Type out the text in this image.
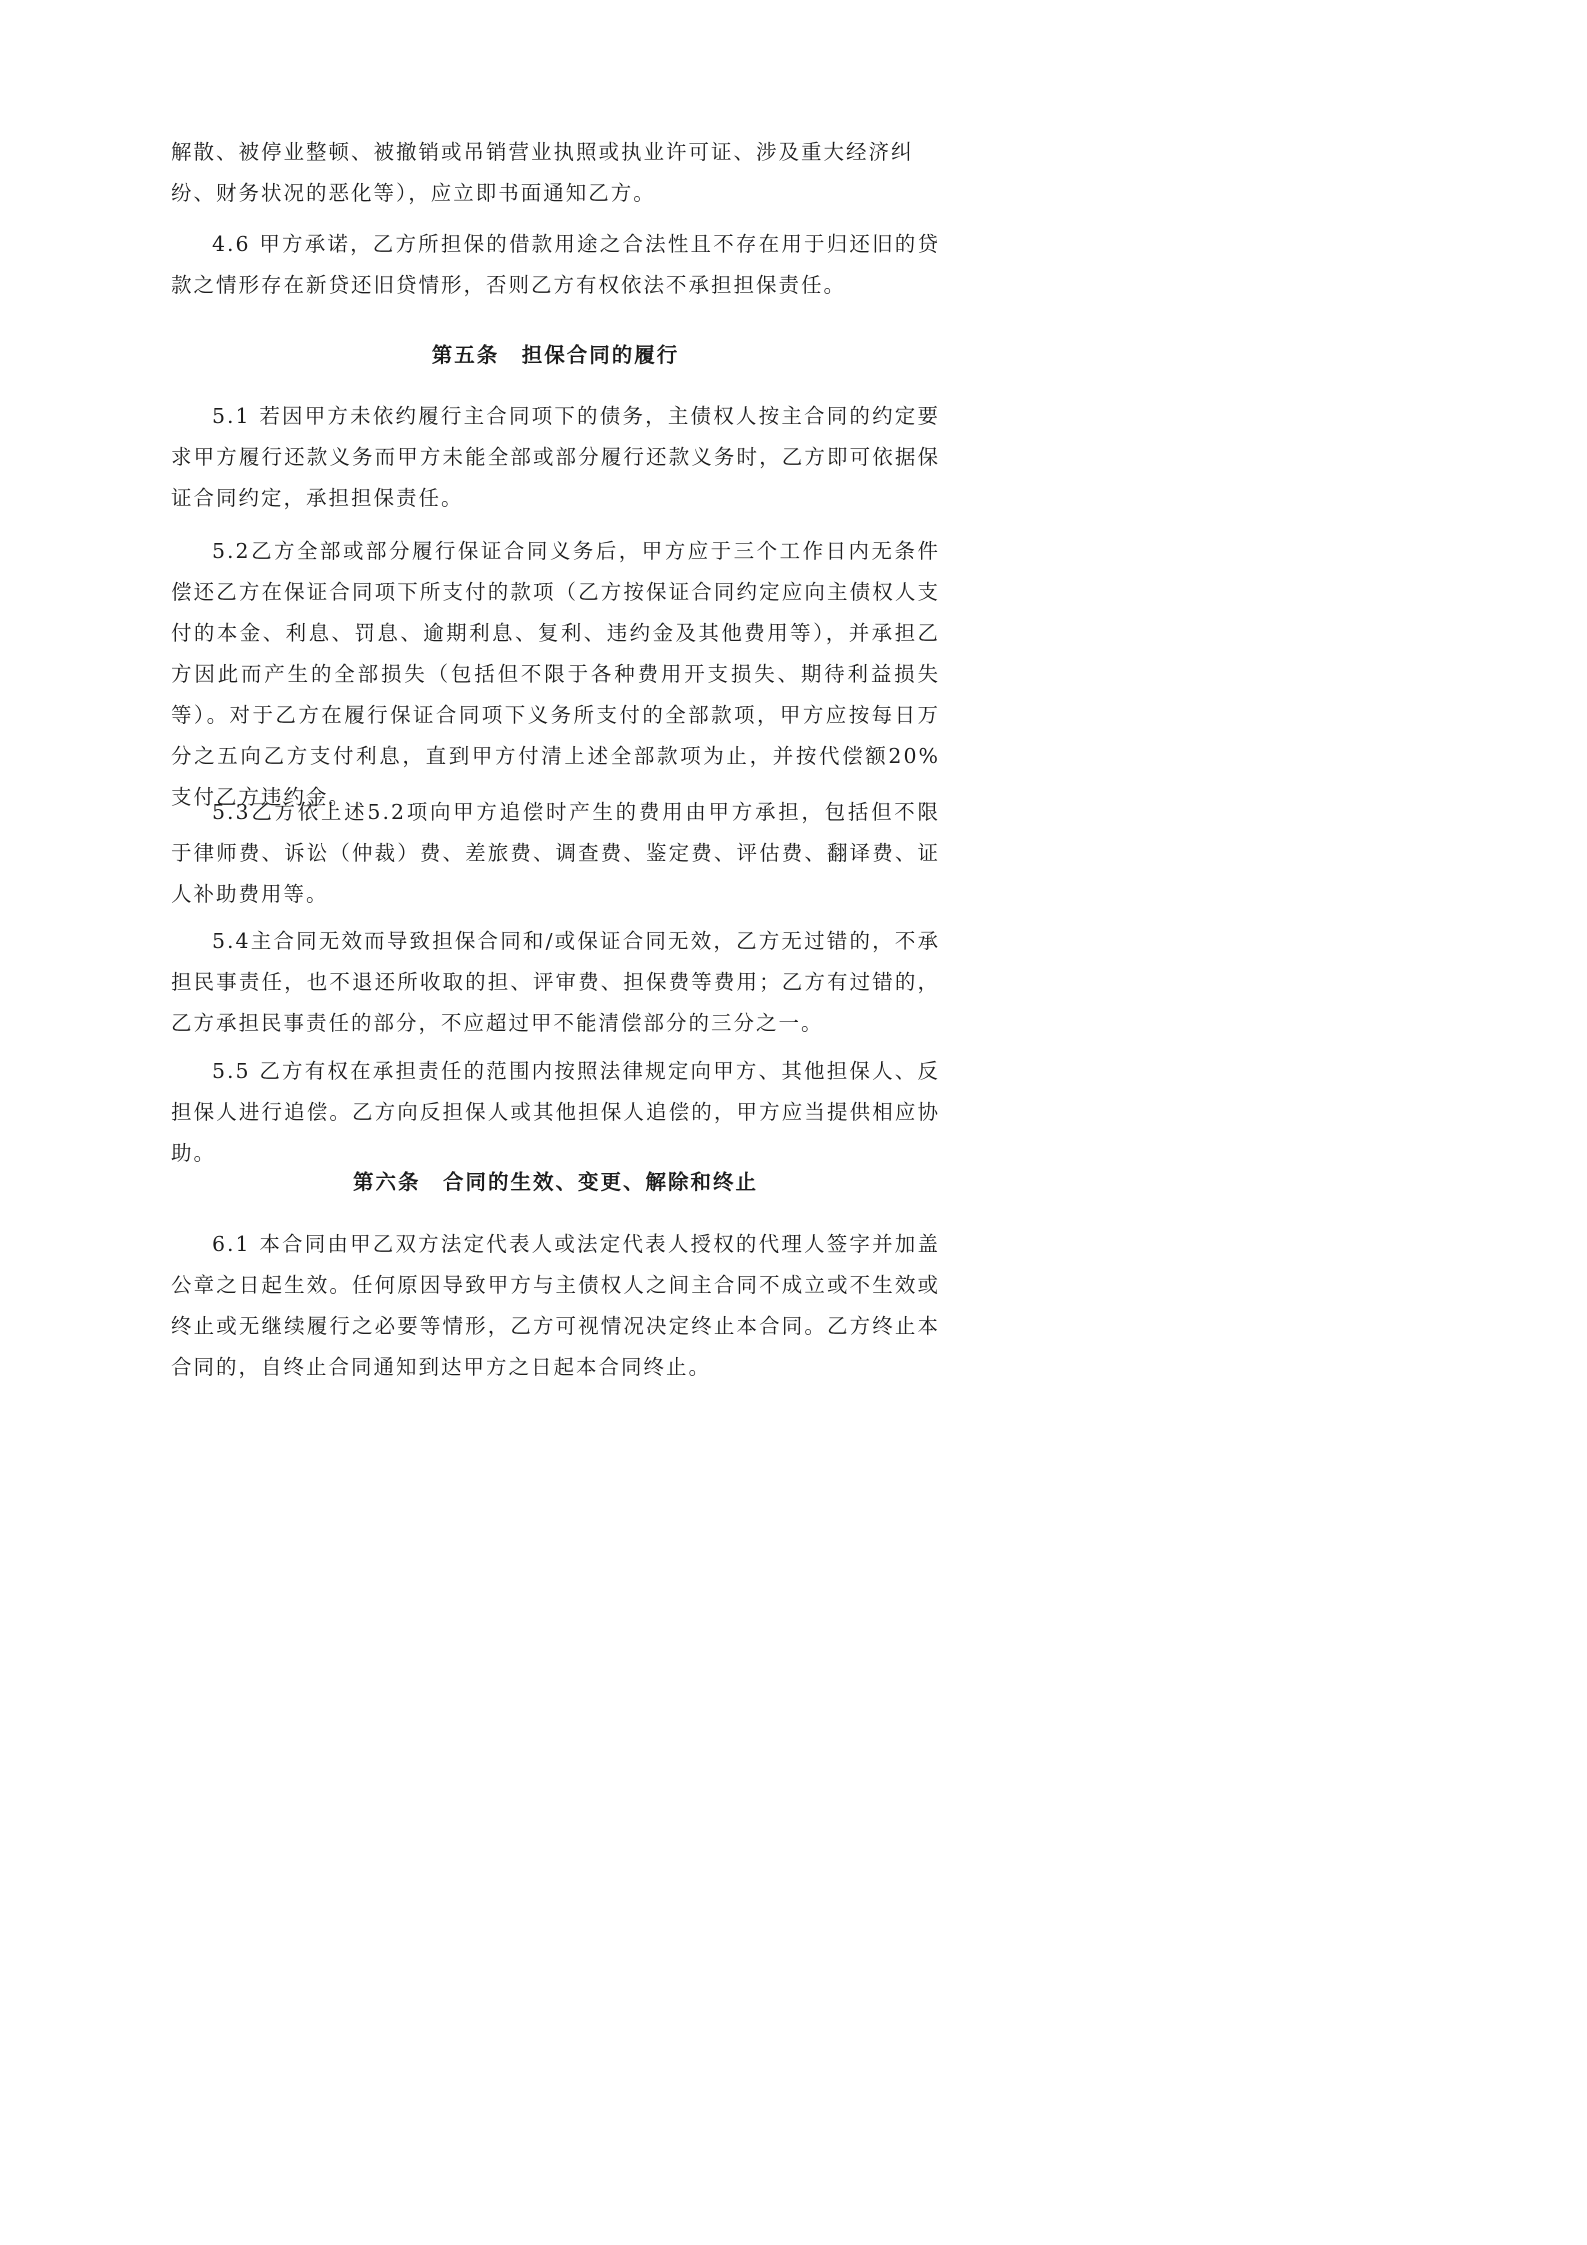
解散、被停业整顿、被撤销或吊销营业执照或执业许可证、涉及重大经济纠纷、财务状况的恶化等），应立即书面通知乙方。

4.6 甲方承诺，乙方所担保的借款用途之合法性且不存在用于归还旧的贷款之情形存在新贷还旧贷情形，否则乙方有权依法不承担担保责任。

第五条　担保合同的履行

5.1 若因甲方未依约履行主合同项下的债务，主债权人按主合同的约定要求甲方履行还款义务而甲方未能全部或部分履行还款义务时，乙方即可依据保证合同约定，承担担保责任。

5.2乙方全部或部分履行保证合同义务后，甲方应于三个工作日内无条件偿还乙方在保证合同项下所支付的款项（乙方按保证合同约定应向主债权人支付的本金、利息、罚息、逾期利息、复利、违约金及其他费用等），并承担乙方因此而产生的全部损失（包括但不限于各种费用开支损失、期待利益损失等）。对于乙方在履行保证合同项下义务所支付的全部款项，甲方应按每日万分之五向乙方支付利息，直到甲方付清上述全部款项为止，并按代偿额20%支付乙方违约金。

5.3乙方依上述5.2项向甲方追偿时产生的费用由甲方承担，包括但不限于律师费、诉讼（仲裁）费、差旅费、调查费、鉴定费、评估费、翻译费、证人补助费用等。

5.4主合同无效而导致担保合同和/或保证合同无效，乙方无过错的，不承担民事责任，也不退还所收取的担、评审费、担保费等费用；乙方有过错的，乙方承担民事责任的部分，不应超过甲不能清偿部分的三分之一。

5.5 乙方有权在承担责任的范围内按照法律规定向甲方、其他担保人、反担保人进行追偿。乙方向反担保人或其他担保人追偿的，甲方应当提供相应协助。

第六条　合同的生效、变更、解除和终止

6.1 本合同由甲乙双方法定代表人或法定代表人授权的代理人签字并加盖公章之日起生效。任何原因导致甲方与主债权人之间主合同不成立或不生效或终止或无继续履行之必要等情形，乙方可视情况决定终止本合同。乙方终止本合同的，自终止合同通知到达甲方之日起本合同终止。
